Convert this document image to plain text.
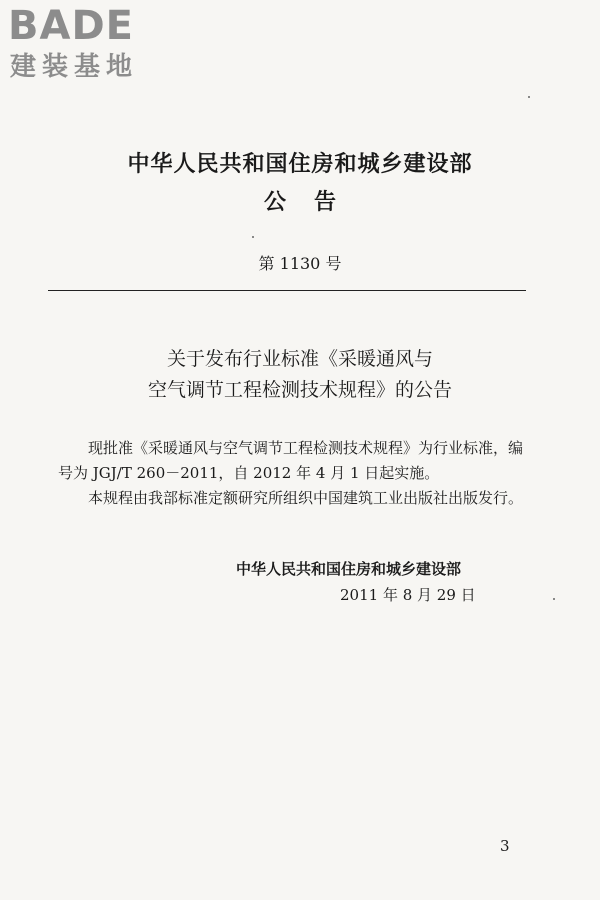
BADE
建装基地
中华人民共和国住房和城乡建设部
公告
第 1130 号
关于发布行业标准《采暖通风与
空气调节工程检测技术规程》的公告

现批准《采暖通风与空气调节工程检测技术规程》为行业标准，编号为 JGJ/T 260－2011，自 2012 年 4 月 1 日起实施。

本规程由我部标准定额研究所组织中国建筑工业出版社出版发行。

中华人民共和国住房和城乡建设部
2011 年 8 月 29 日
3
